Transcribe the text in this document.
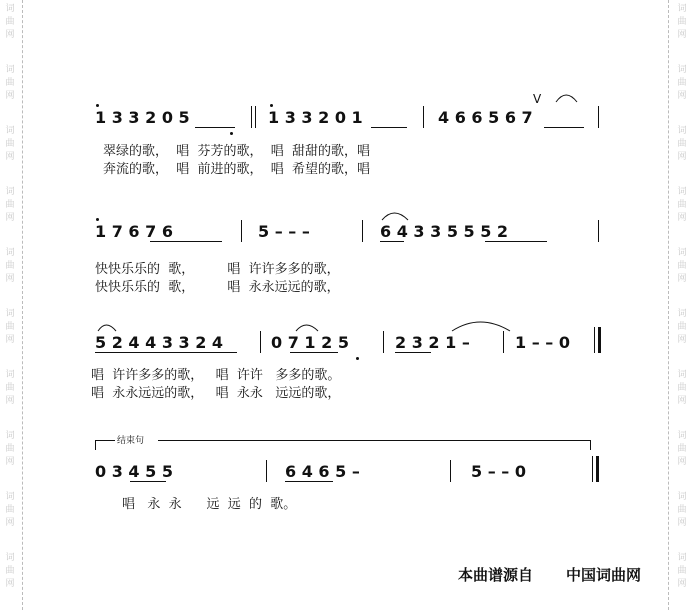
词
曲
网
词
曲
网
词
曲
网
词
曲
网
词
曲
网
词
曲
网
词
曲
网
词
曲
网
词
曲
网
词
曲
网
词
曲
网
词
曲
网
词
曲
网
词
曲
网
词
曲
网
词
曲
网
词
曲
网
词
曲
网
词
曲
网
词
曲
网
1 3 3 2 0 5	1 3 3 2 0 1	4 6 6 5 6 7
V
翠绿的歌，  唱  芬芳的歌，  唱  甜甜的歌，唱
奔流的歌，  唱  前进的歌，  唱  希望的歌，唱
1 7 6 7 6	5 – – –	6 4 3 3 5 5 5 2
快快乐乐的  歌，        唱  许许多多的歌，
快快乐乐的  歌，        唱  永永远远的歌，
5 2 4 4 3 3 2 4	0 7 1 2 5	2 3 2 1 –	1 – – 0
唱  许许多多的歌，   唱  许许   多多的歌。
唱  永永远远的歌，   唱  永永   远远的歌，
结束句
0 3 4 5 5	6 4 6 5 –	5 – – 0
唱   永  永      远  远  的  歌。
本曲谱源自 中国词曲网
